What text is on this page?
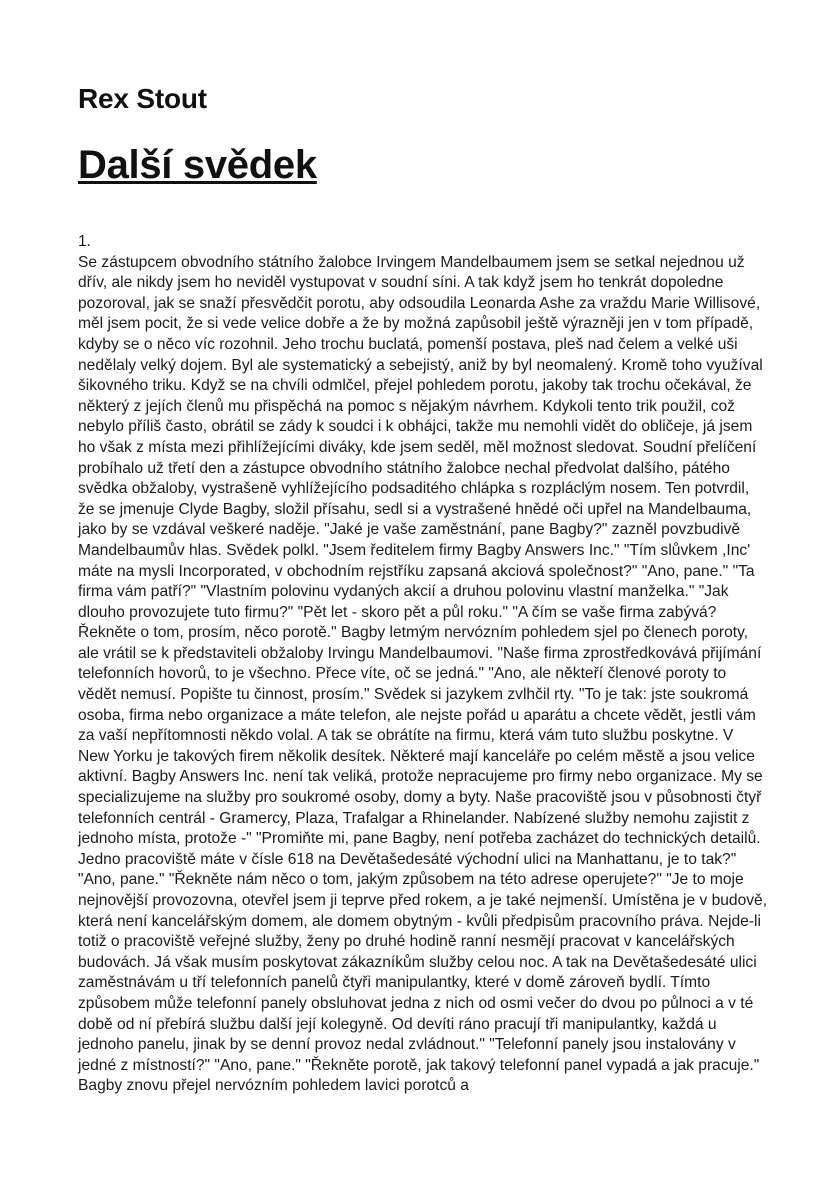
Rex Stout
Další svědek
1.

Se zástupcem obvodního státního žalobce Irvingem Mandelbaumem jsem se setkal nejednou už dřív, ale nikdy jsem ho neviděl vystupovat v soudní síni. A tak když jsem ho tenkrát dopoledne pozoroval, jak se snaží přesvědčit porotu, aby odsoudila Leonarda Ashe za vraždu Marie Willisové, měl jsem pocit, že si vede velice dobře a že by možná zapůsobil ještě výrazněji jen v tom případě, kdyby se o něco víc rozohnil. Jeho trochu buclatá, pomenší postava, pleš nad čelem a velké uši nedělaly velký dojem. Byl ale systematický a sebejistý, aniž by byl neomalený. Kromě toho využíval šikovného triku. Když se na chvíli odmlčel, přejel pohledem porotu, jakoby tak trochu očekával, že některý z jejích členů mu přispěchá na pomoc s nějakým návrhem. Kdykoli tento trik použil, což nebylo příliš často, obrátil se zády k soudci i k obhájci, takže mu nemohli vidět do obličeje, já jsem ho však z místa mezi přihlížejícími diváky, kde jsem seděl, měl možnost sledovat. Soudní přelíčení probíhalo už třetí den a zástupce obvodního státního žalobce nechal předvolat dalšího, pátého svědka obžaloby, vystrašeně vyhlížejícího podsaditého chlápka s rozpláclým nosem. Ten potvrdil, že se jmenuje Clyde Bagby, složil přísahu, sedl si a vystrašené hnědé oči upřel na Mandelbauma, jako by se vzdával veškeré naděje. "Jaké je vaše zaměstnání, pane Bagby?" zazněl povzbudivě Mandelbaumův hlas. Svědek polkl. "Jsem ředitelem firmy Bagby Answers Inc." "Tím slůvkem ,Inc' máte na mysli Incorporated, v obchodním rejstříku zapsaná akciová společnost?" "Ano, pane." "Ta firma vám patří?" "Vlastním polovinu vydaných akcií a druhou polovinu vlastní manželka." "Jak dlouho provozujete tuto firmu?" "Pět let - skoro pět a půl roku." "A čím se vaše firma zabývá? Řekněte o tom, prosím, něco porotě." Bagby letmým nervózním pohledem sjel po členech poroty, ale vrátil se k představiteli obžaloby Irvingu Mandelbaumovi. "Naše firma zprostředkovává přijímání telefonních hovorů, to je všechno. Přece víte, oč se jedná." "Ano, ale někteří členové poroty to vědět nemusí. Popište tu činnost, prosím." Svědek si jazykem zvlhčil rty. "To je tak: jste soukromá osoba, firma nebo organizace a máte telefon, ale nejste pořád u aparátu a chcete vědět, jestli vám za vaší nepřítomnosti někdo volal. A tak se obrátíte na firmu, která vám tuto službu poskytne. V New Yorku je takových firem několik desítek. Některé mají kanceláře po celém městě a jsou velice aktivní. Bagby Answers Inc. není tak veliká, protože nepracujeme pro firmy nebo organizace. My se specializujeme na služby pro soukromé osoby, domy a byty. Naše pracoviště jsou v působnosti čtyř telefonních centrál - Gramercy, Plaza, Trafalgar a Rhinelander. Nabízené služby nemohu zajistit z jednoho místa, protože -" "Promiňte mi, pane Bagby, není potřeba zacházet do technických detailů. Jedno pracoviště máte v čísle 618 na Devětašedesáté východní ulici na Manhattanu, je to tak?" "Ano, pane." "Řekněte nám něco o tom, jakým způsobem na této adrese operujete?" "Je to moje nejnovější provozovna, otevřel jsem ji teprve před rokem, a je také nejmenší. Umístěna je v budově, která není kancelářským domem, ale domem obytným - kvůli předpisům pracovního práva. Nejde-li totiž o pracoviště veřejné služby, ženy po druhé hodině ranní nesmějí pracovat v kancelářských budovách. Já však musím poskytovat zákazníkům služby celou noc. A tak na Devětašedesáté ulici zaměstnávám u tří telefonních panelů čtyři manipulantky, které v domě zároveň bydlí. Tímto způsobem může telefonní panely obsluhovat jedna z nich od osmi večer do dvou po půlnoci a v té době od ní přebírá službu další její kolegyně. Od devíti ráno pracují tři manipulantky, každá u jednoho panelu, jinak by se denní provoz nedal zvládnout." "Telefonní panely jsou instalovány v jedné z místností?" "Ano, pane." "Řekněte porotě, jak takový telefonní panel vypadá a jak pracuje." Bagby znovu přejel nervózním pohledem lavici porotců a
